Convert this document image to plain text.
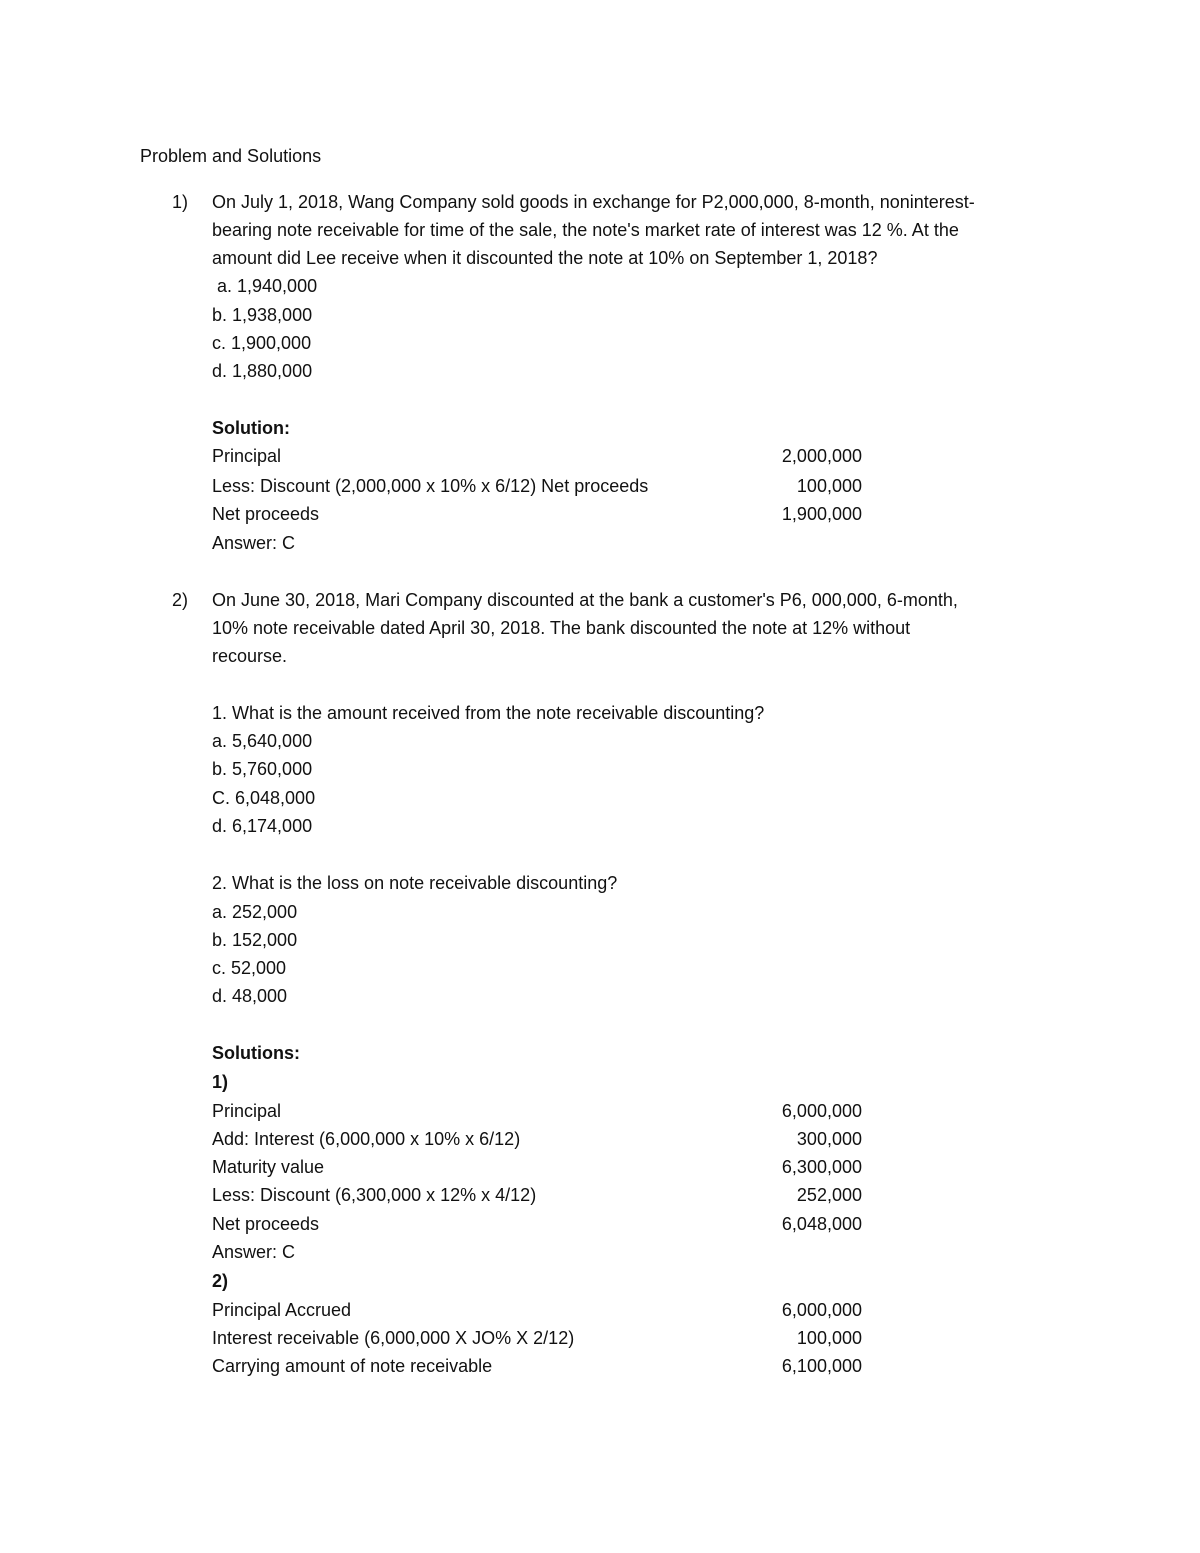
Problem and Solutions
1) On July 1, 2018, Wang Company sold goods in exchange for P2,000,000, 8-month, noninterest-
bearing note receivable for time of the sale, the note's market rate of interest was 12 %. At the
amount did Lee receive when it discounted the note at 10% on September 1, 2018?
a. 1,940,000
b. 1,938,000
c. 1,900,000
d. 1,880,000
Solution:
Principal	2,000,000
Less: Discount (2,000,000 x 10% x 6/12) Net proceeds	100,000
Net proceeds	1,900,000
Answer: C
2) On June 30, 2018, Mari Company discounted at the bank a customer's P6, 000,000, 6-month,
10% note receivable dated April 30, 2018. The bank discounted the note at 12% without
recourse.
1. What is the amount received from the note receivable discounting?
a. 5,640,000
b. 5,760,000
C. 6,048,000
d. 6,174,000
2. What is the loss on note receivable discounting?
a. 252,000
b. 152,000
c. 52,000
d. 48,000
Solutions:
1)
Principal	6,000,000
Add: Interest (6,000,000 x 10% x 6/12)	300,000
Maturity value	6,300,000
Less: Discount (6,300,000 x 12% x 4/12)	252,000
Net proceeds	6,048,000
Answer: C
2)
Principal Accrued	6,000,000
Interest receivable (6,000,000 X JO% X 2/12)	100,000
Carrying amount of note receivable	6,100,000
